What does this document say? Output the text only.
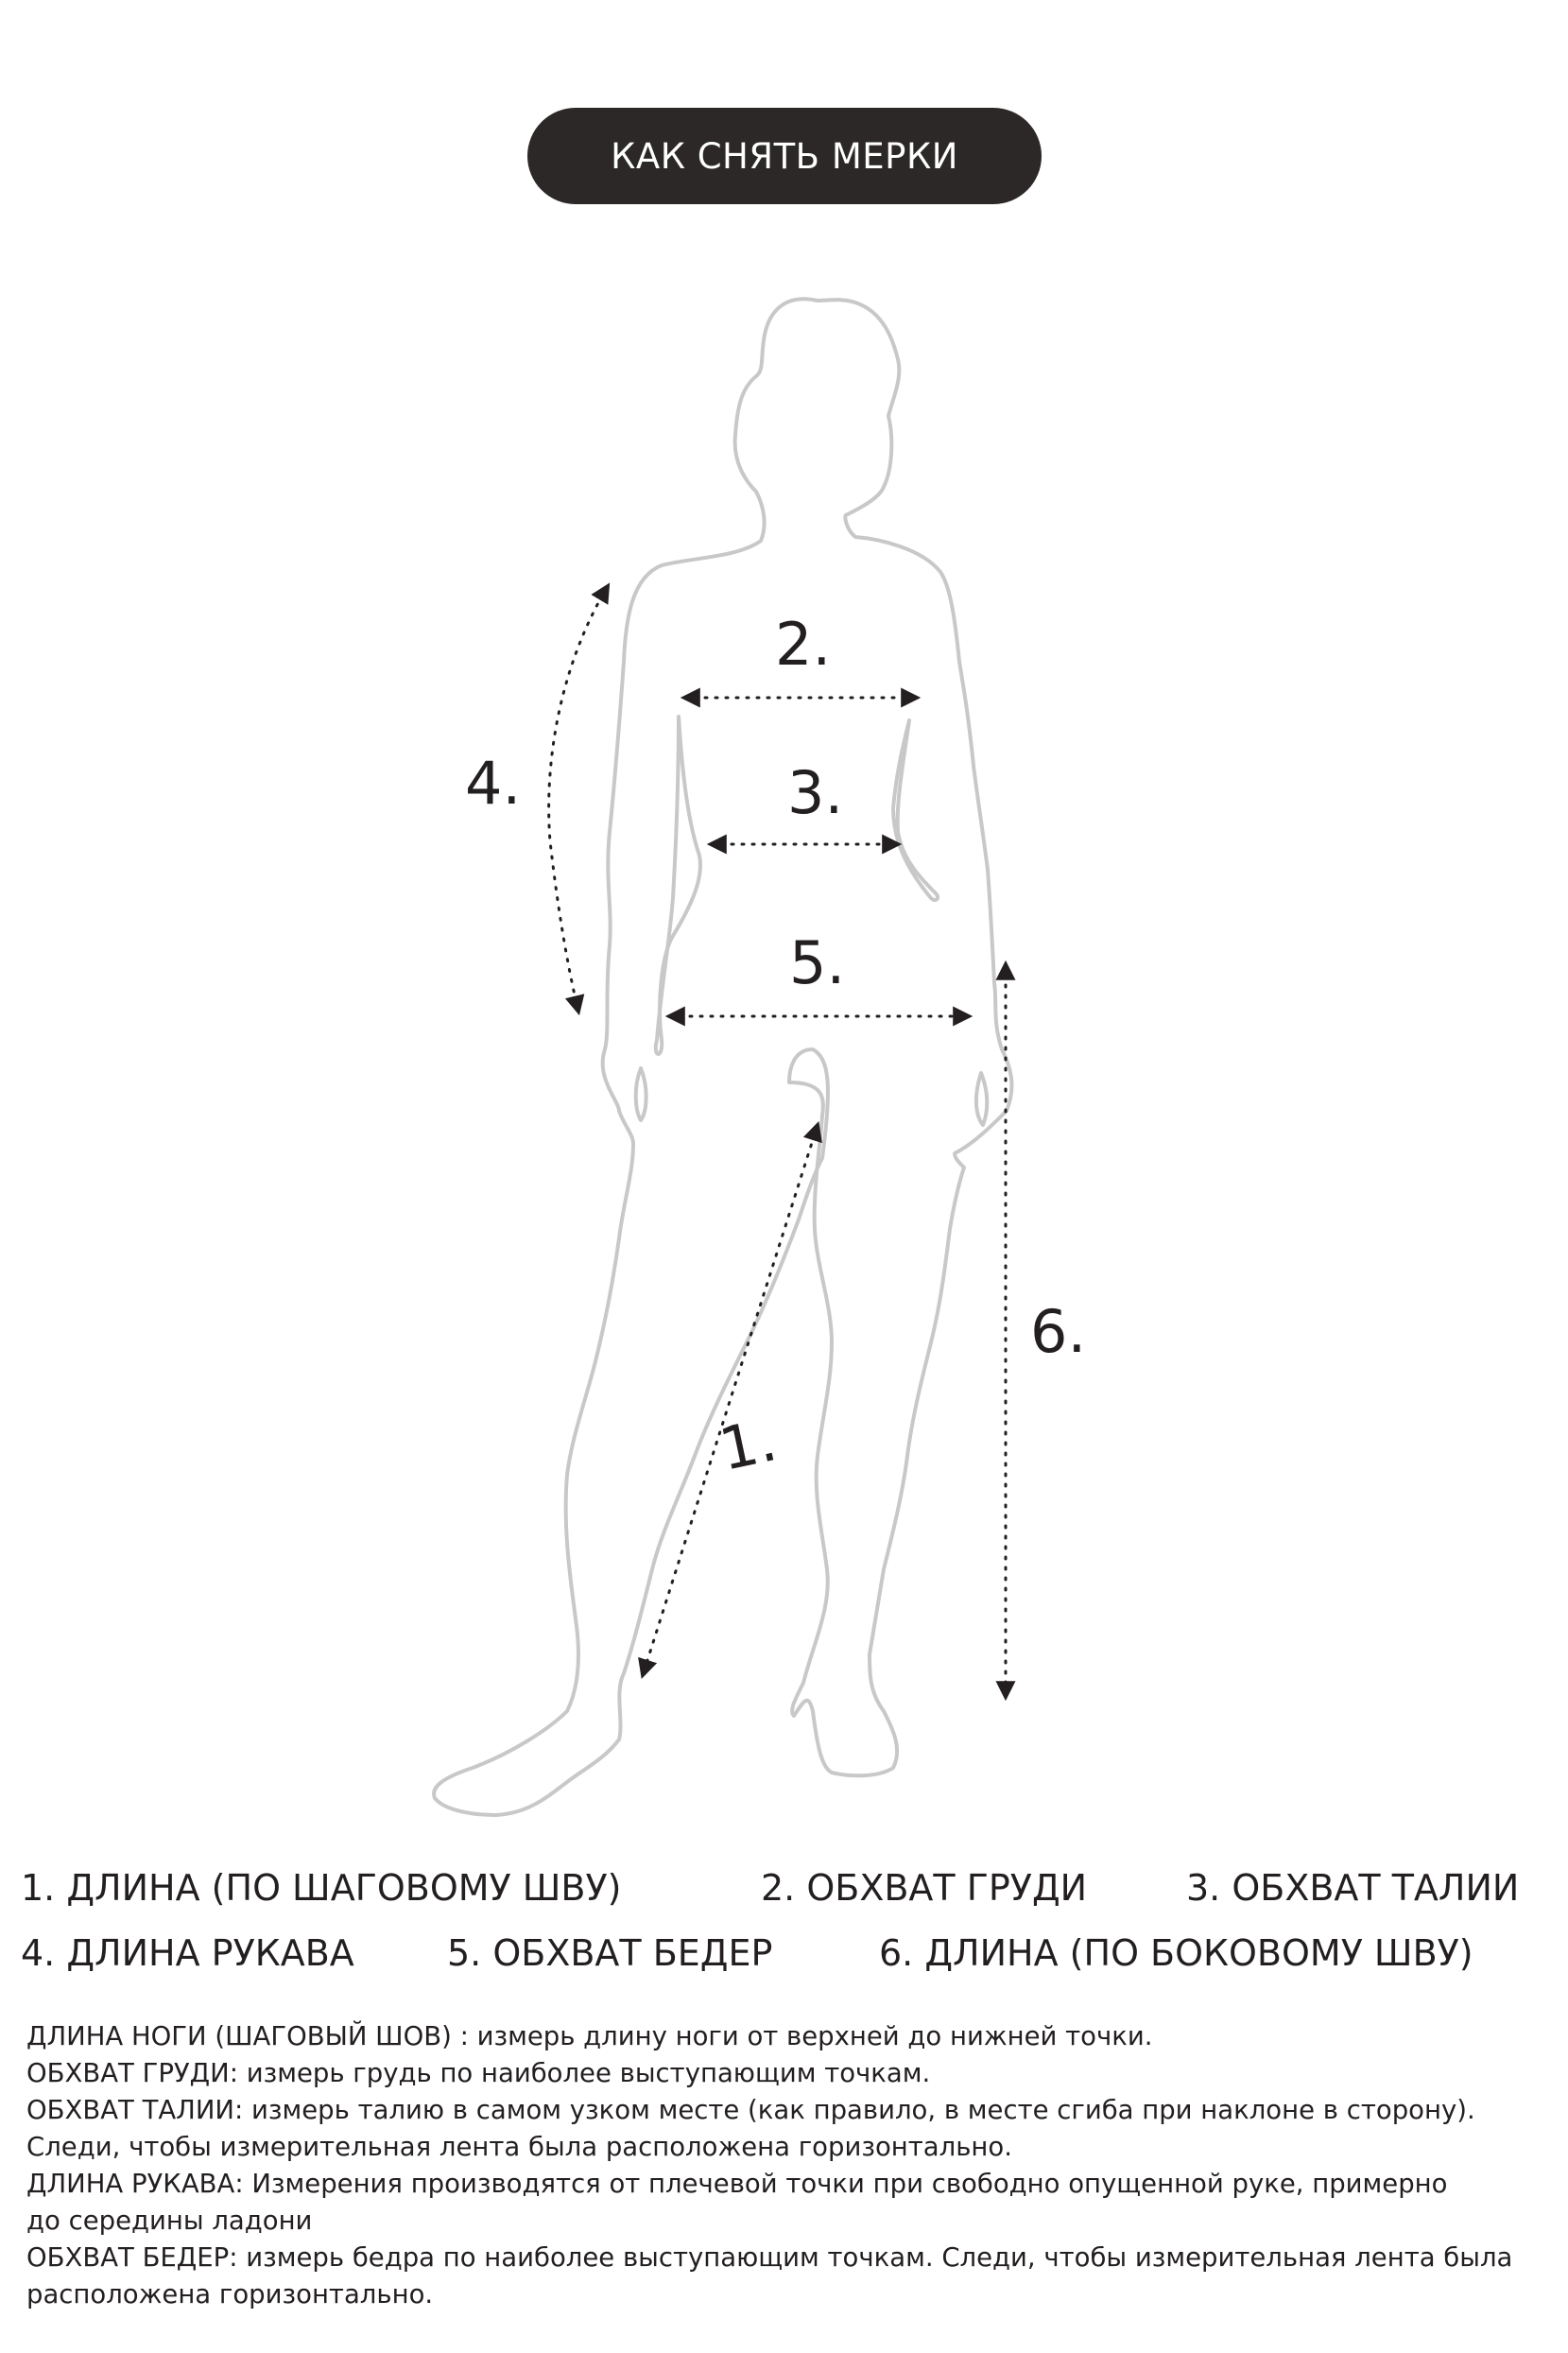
КАК СНЯТЬ МЕРКИ
2.
3.
5.
4.
6.
1.
1. ДЛИНА (ПО ШАГОВОМУ ШВУ)	2. ОБХВАТ ГРУДИ	3. ОБХВАТ ТАЛИИ
4. ДЛИНА РУКАВА	5. ОБХВАТ БЕДЕР	6. ДЛИНА (ПО БОКОВОМУ ШВУ)

ДЛИНА НОГИ (ШАГОВЫЙ ШОВ) : измерь длину ноги от верхней до нижней точки.

ОБХВАТ ГРУДИ: измерь грудь по наиболее выступающим точкам.

ОБХВАТ ТАЛИИ: измерь талию в самом узком месте (как правило, в месте сгиба при наклоне в сторону).

Следи, чтобы измерительная лента была расположена горизонтально.

ДЛИНА РУКАВА: Измерения производятся от плечевой точки при свободно опущенной руке, примерно

до середины ладони

ОБХВАТ БЕДЕР: измерь бедра по наиболее выступающим точкам. Следи, чтобы измерительная лента была

расположена горизонтально.
